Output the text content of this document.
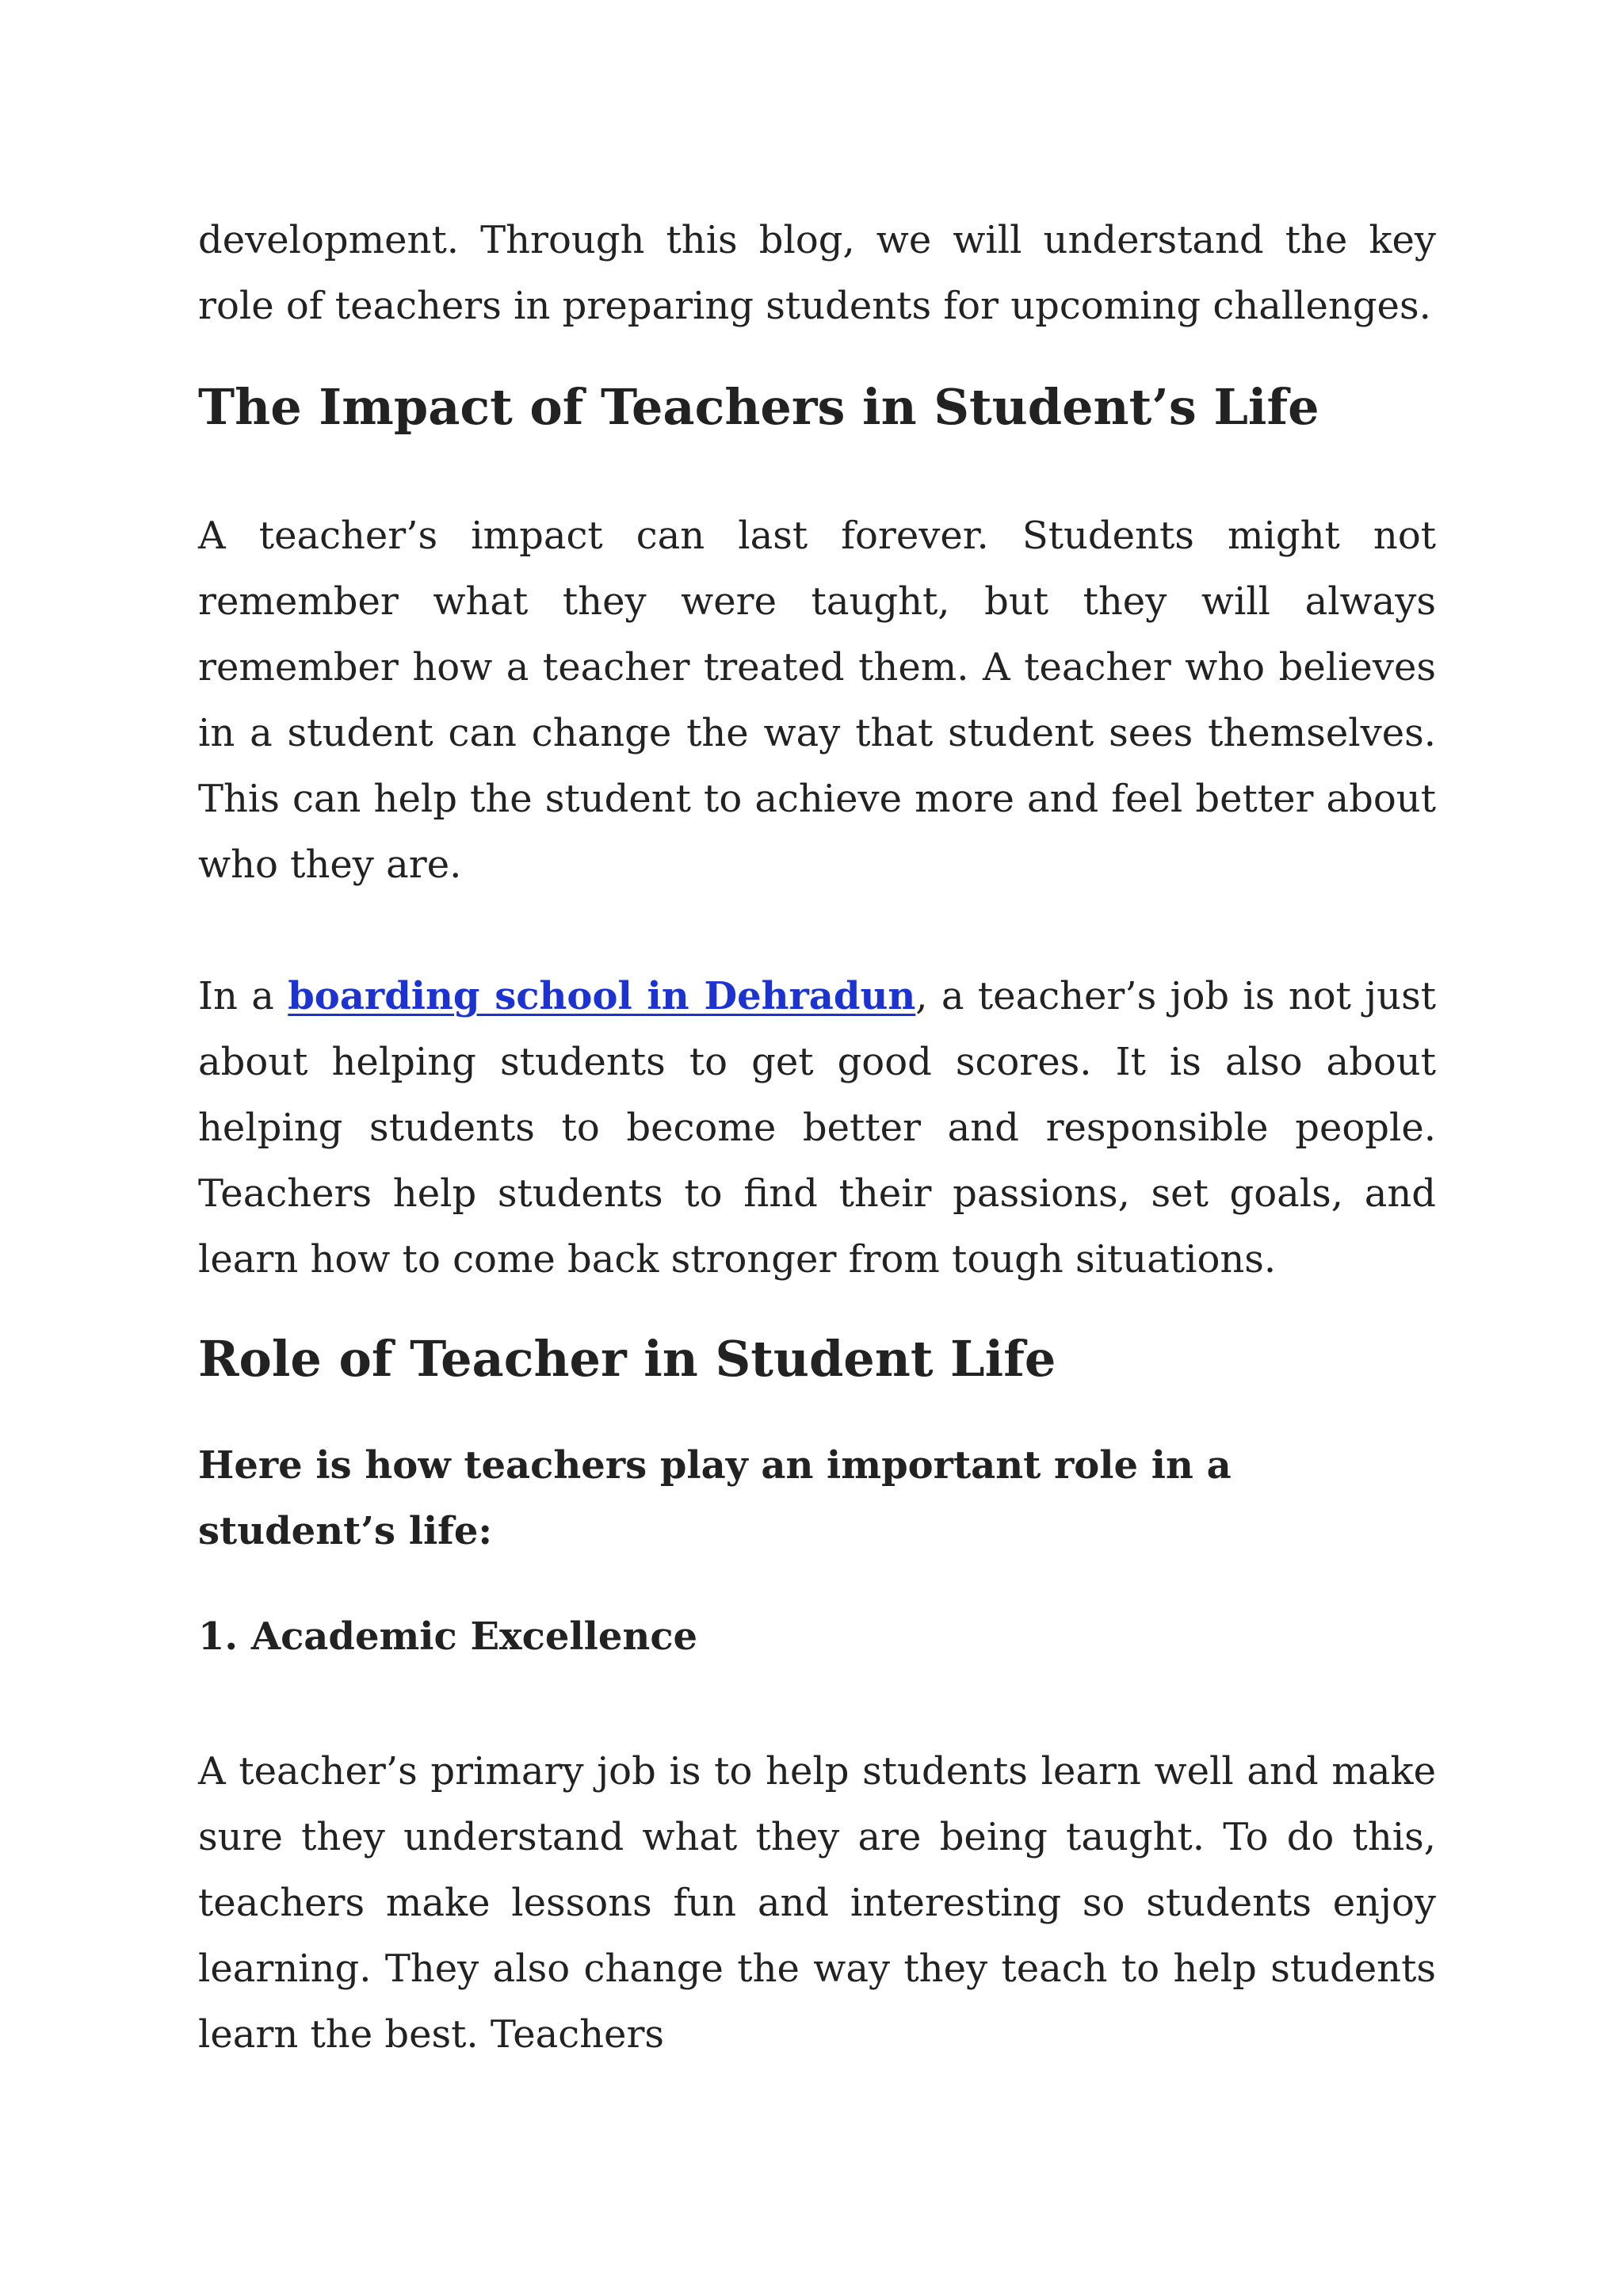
development. Through this blog, we will understand the key role of teachers in preparing students for upcoming challenges.

The Impact of Teachers in Student’s Life

A teacher’s impact can last forever. Students might not remember what they were taught, but they will always remember how a teacher treated them. A teacher who believes in a student can change the way that student sees themselves. This can help the student to achieve more and feel better about who they are.

In a boarding school in Dehradun, a teacher’s job is not just about helping students to get good scores. It is also about helping students to become better and responsible people. Teachers help students to find their passions, set goals, and learn how to come back stronger from tough situations.

Role of Teacher in Student Life

Here is how teachers play an important role in a student’s life:

1. Academic Excellence

A teacher’s primary job is to help students learn well and make sure they understand what they are being taught. To do this, teachers make lessons fun and interesting so students enjoy learning. They also change the way they teach to help students learn the best. Teachers
